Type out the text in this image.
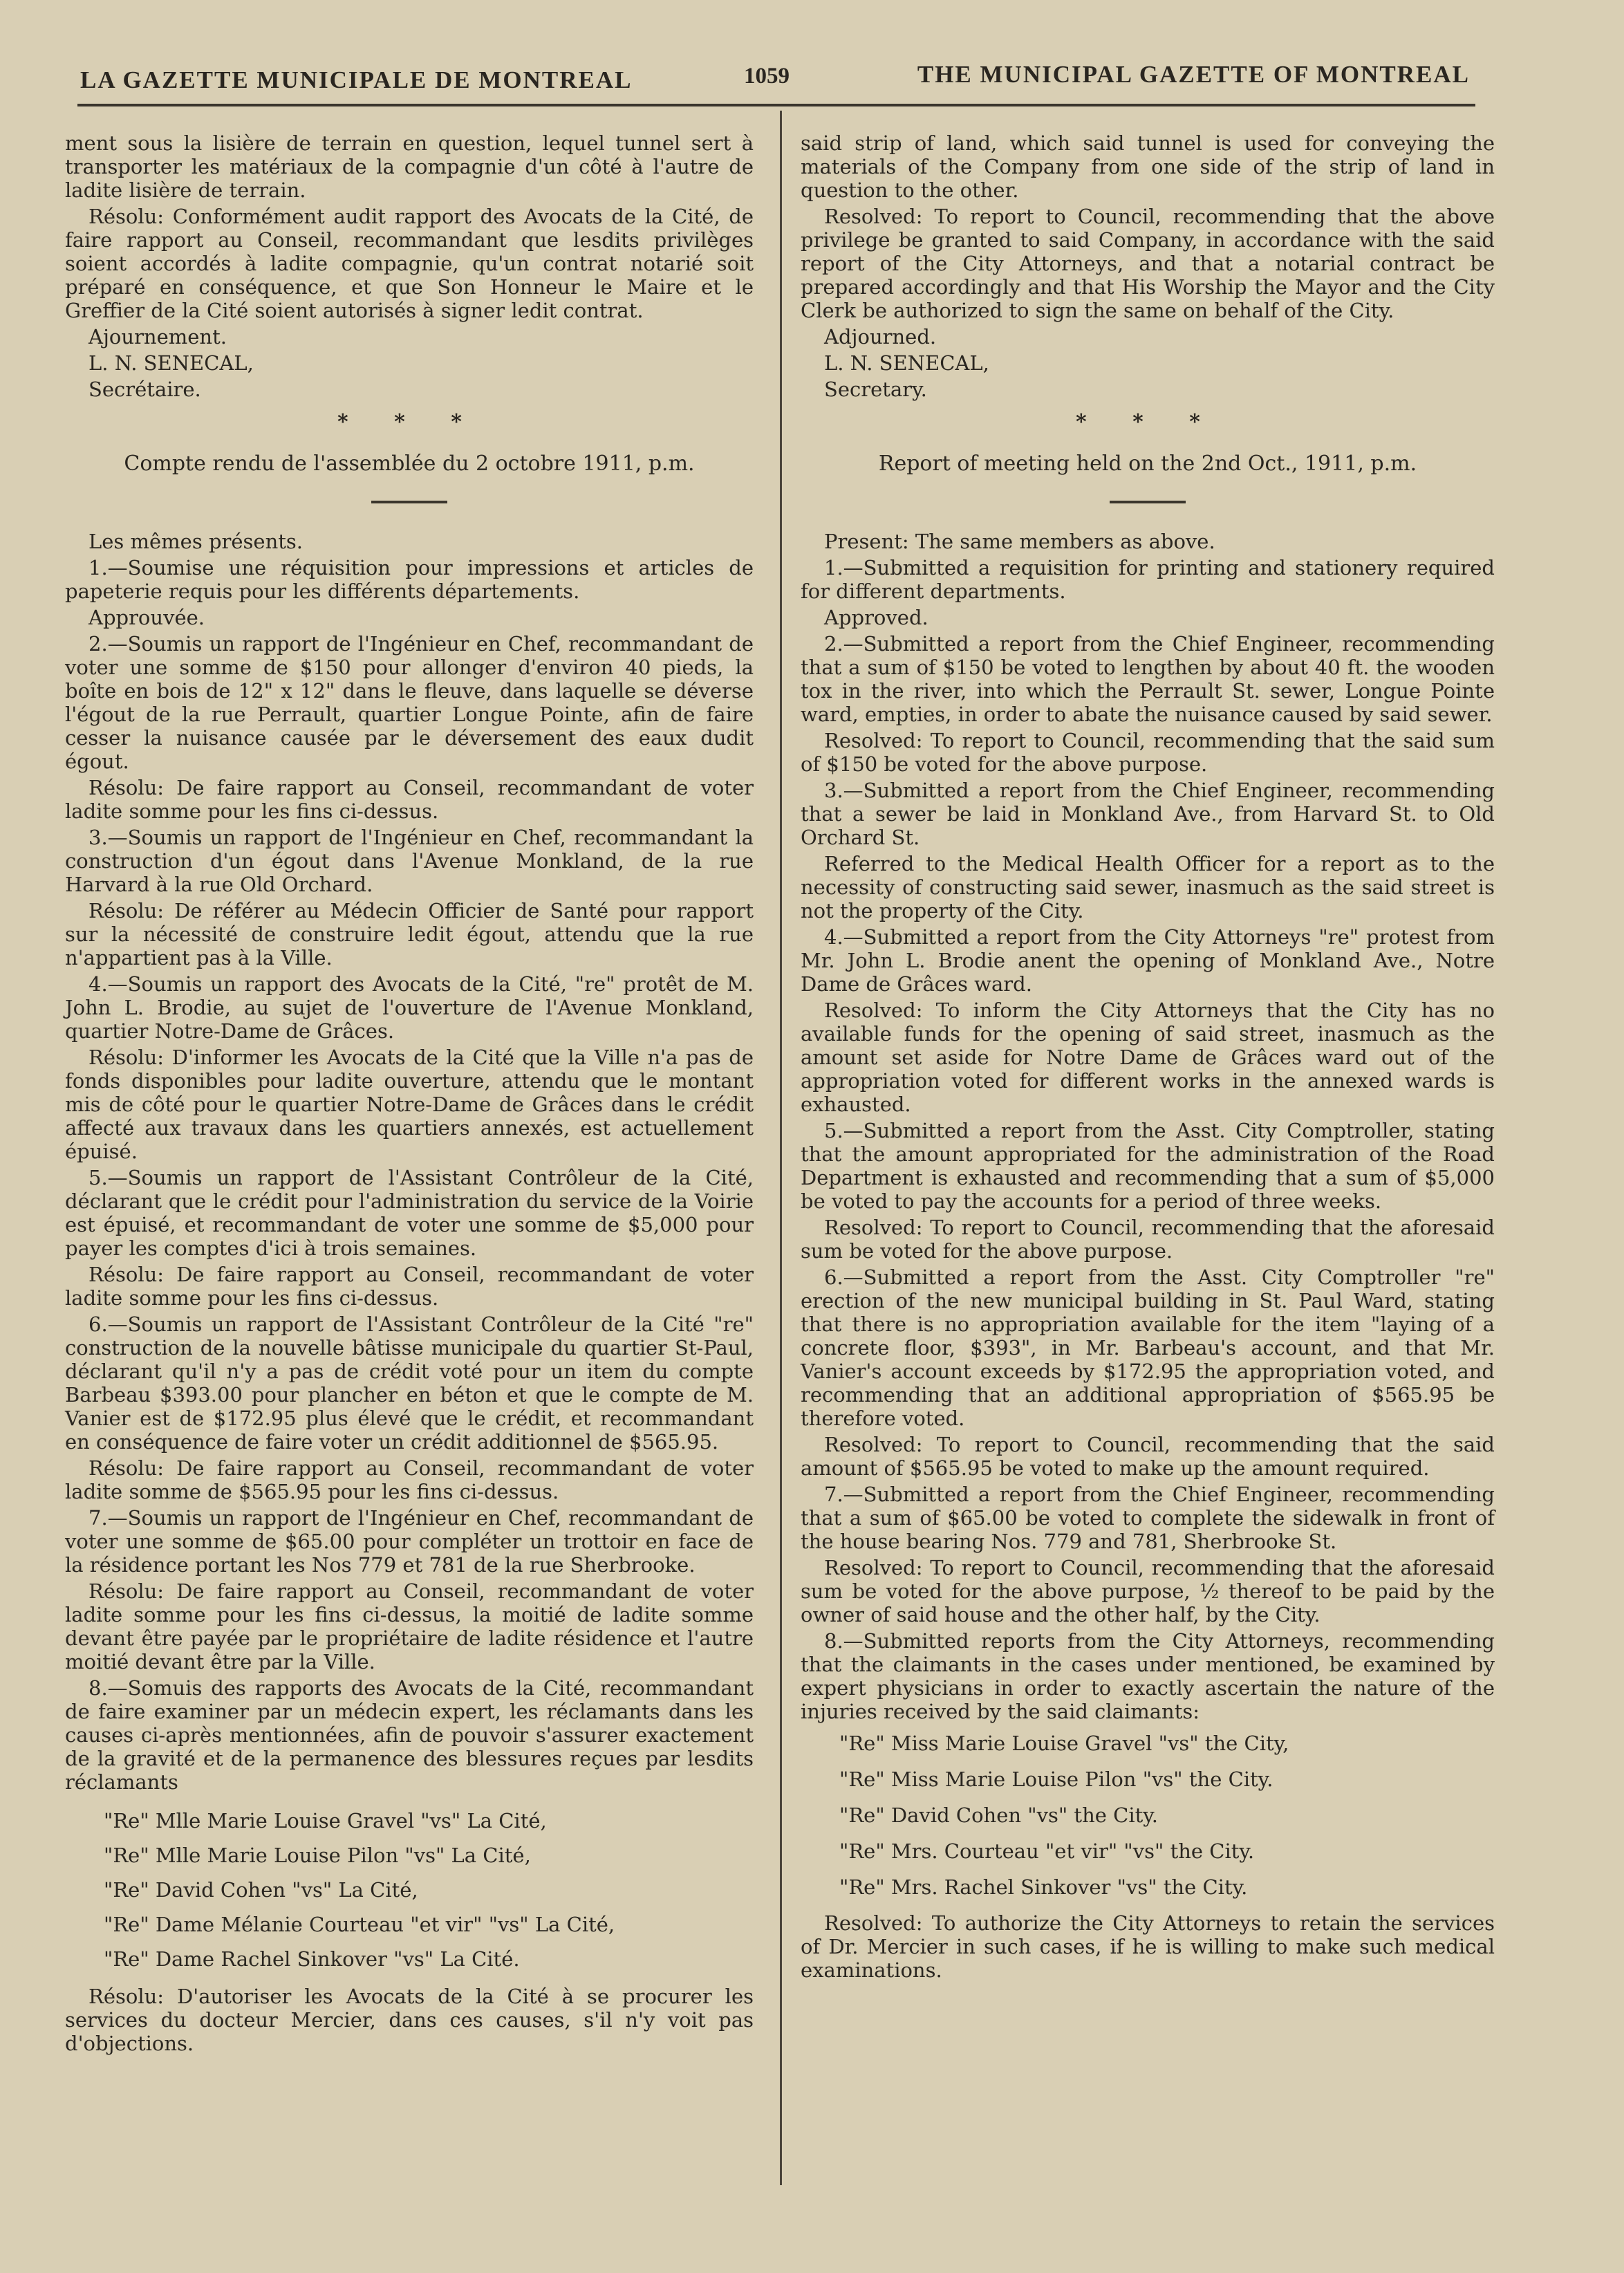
LA GAZETTE MUNICIPALE DE MONTREAL	1059	THE MUNICIPAL GAZETTE OF MONTREAL

ment sous la lisière de terrain en question, lequel tunnel sert à transporter les matériaux de la compagnie d'un côté à l'autre de ladite lisière de terrain.

Résolu: Conformément audit rapport des Avocats de la Cité, de faire rapport au Conseil, recommandant que lesdits privilèges soient accordés à ladite compagnie, qu'un contrat notarié soit préparé en conséquence, et que Son Honneur le Maire et le Greffier de la Cité soient autorisés à signer ledit contrat.

Ajournement.

L. N. SENECAL,

Secrétaire.

* * *
Compte rendu de l'assemblée du 2 octobre 1911, p.m.

Les mêmes présents.

1.—Soumise une réquisition pour impressions et articles de papeterie requis pour les différents départements.

Approuvée.

2.—Soumis un rapport de l'Ingénieur en Chef, recommandant de voter une somme de $150 pour allonger d'environ 40 pieds, la boîte en bois de 12" x 12" dans le fleuve, dans laquelle se déverse l'égout de la rue Perrault, quartier Longue Pointe, afin de faire cesser la nuisance causée par le déversement des eaux dudit égout.

Résolu: De faire rapport au Conseil, recommandant de voter ladite somme pour les fins ci-dessus.

3.—Soumis un rapport de l'Ingénieur en Chef, recommandant la construction d'un égout dans l'Avenue Monkland, de la rue Harvard à la rue Old Orchard.

Résolu: De référer au Médecin Officier de Santé pour rapport sur la nécessité de construire ledit égout, attendu que la rue n'appartient pas à la Ville.

4.—Soumis un rapport des Avocats de la Cité, "re" protêt de M. John L. Brodie, au sujet de l'ouverture de l'Avenue Monkland, quartier Notre-Dame de Grâces.

Résolu: D'informer les Avocats de la Cité que la Ville n'a pas de fonds disponibles pour ladite ouverture, attendu que le montant mis de côté pour le quartier Notre-Dame de Grâces dans le crédit affecté aux travaux dans les quartiers annexés, est actuellement épuisé.

5.—Soumis un rapport de l'Assistant Contrôleur de la Cité, déclarant que le crédit pour l'administration du service de la Voirie est épuisé, et recommandant de voter une somme de $5,000 pour payer les comptes d'ici à trois semaines.

Résolu: De faire rapport au Conseil, recommandant de voter ladite somme pour les fins ci-dessus.

6.—Soumis un rapport de l'Assistant Contrôleur de la Cité "re" construction de la nouvelle bâtisse municipale du quartier St-Paul, déclarant qu'il n'y a pas de crédit voté pour un item du compte Barbeau $393.00 pour plancher en béton et que le compte de M. Vanier est de $172.95 plus élevé que le crédit, et recommandant en conséquence de faire voter un crédit additionnel de $565.95.

Résolu: De faire rapport au Conseil, recommandant de voter ladite somme de $565.95 pour les fins ci-dessus.

7.—Soumis un rapport de l'Ingénieur en Chef, recommandant de voter une somme de $65.00 pour compléter un trottoir en face de la résidence portant les Nos 779 et 781 de la rue Sherbrooke.

Résolu: De faire rapport au Conseil, recommandant de voter ladite somme pour les fins ci-dessus, la moitié de ladite somme devant être payée par le propriétaire de ladite résidence et l'autre moitié devant être par la Ville.

8.—Somuis des rapports des Avocats de la Cité, recommandant de faire examiner par un médecin expert, les réclamants dans les causes ci-après mentionnées, afin de pouvoir s'assurer exactement de la gravité et de la permanence des blessures reçues par lesdits réclamants

"Re" Mlle Marie Louise Gravel "vs" La Cité,
"Re" Mlle Marie Louise Pilon "vs" La Cité,
"Re" David Cohen "vs" La Cité,
"Re" Dame Mélanie Courteau "et vir" "vs" La Cité,
"Re" Dame Rachel Sinkover "vs" La Cité.

Résolu: D'autoriser les Avocats de la Cité à se procurer les services du docteur Mercier, dans ces causes, s'il n'y voit pas d'objections.

said strip of land, which said tunnel is used for conveying the materials of the Company from one side of the strip of land in question to the other.

Resolved: To report to Council, recommending that the above privilege be granted to said Company, in accordance with the said report of the City Attorneys, and that a notarial contract be prepared accordingly and that His Worship the Mayor and the City Clerk be authorized to sign the same on behalf of the City.

Adjourned.

L. N. SENECAL,

Secretary.

* * *
Report of meeting held on the 2nd Oct., 1911, p.m.

Present: The same members as above.

1.—Submitted a requisition for printing and stationery required for different departments.

Approved.

2.—Submitted a report from the Chief Engineer, recommending that a sum of $150 be voted to lengthen by about 40 ft. the wooden tox in the river, into which the Perrault St. sewer, Longue Pointe ward, empties, in order to abate the nuisance caused by said sewer.

Resolved: To report to Council, recommending that the said sum of $150 be voted for the above purpose.

3.—Submitted a report from the Chief Engineer, recommending that a sewer be laid in Monkland Ave., from Harvard St. to Old Orchard St.

Referred to the Medical Health Officer for a report as to the necessity of constructing said sewer, inasmuch as the said street is not the property of the City.

4.—Submitted a report from the City Attorneys "re" protest from Mr. John L. Brodie anent the opening of Monkland Ave., Notre Dame de Grâces ward.

Resolved: To inform the City Attorneys that the City has no available funds for the opening of said street, inasmuch as the amount set aside for Notre Dame de Grâces ward out of the appropriation voted for different works in the annexed wards is exhausted.

5.—Submitted a report from the Asst. City Comptroller, stating that the amount appropriated for the administration of the Road Department is exhausted and recommending that a sum of $5,000 be voted to pay the accounts for a period of three weeks.

Resolved: To report to Council, recommending that the aforesaid sum be voted for the above purpose.

6.—Submitted a report from the Asst. City Comptroller "re" erection of the new municipal building in St. Paul Ward, stating that there is no appropriation available for the item "laying of a concrete floor, $393", in Mr. Barbeau's account, and that Mr. Vanier's account exceeds by $172.95 the appropriation voted, and recommending that an additional appropriation of $565.95 be therefore voted.

Resolved: To report to Council, recommending that the said amount of $565.95 be voted to make up the amount required.

7.—Submitted a report from the Chief Engineer, recommending that a sum of $65.00 be voted to complete the sidewalk in front of the house bearing Nos. 779 and 781, Sherbrooke St.

Resolved: To report to Council, recommending that the aforesaid sum be voted for the above purpose, ½ thereof to be paid by the owner of said house and the other half, by the City.

8.—Submitted reports from the City Attorneys, recommending that the claimants in the cases under mentioned, be examined by expert physicians in order to exactly ascertain the nature of the injuries received by the said claimants:

"Re" Miss Marie Louise Gravel "vs" the City,
"Re" Miss Marie Louise Pilon "vs" the City.
"Re" David Cohen "vs" the City.
"Re" Mrs. Courteau "et vir" "vs" the City.
"Re" Mrs. Rachel Sinkover "vs" the City.

Resolved: To authorize the City Attorneys to retain the services of Dr. Mercier in such cases, if he is willing to make such medical examinations.
